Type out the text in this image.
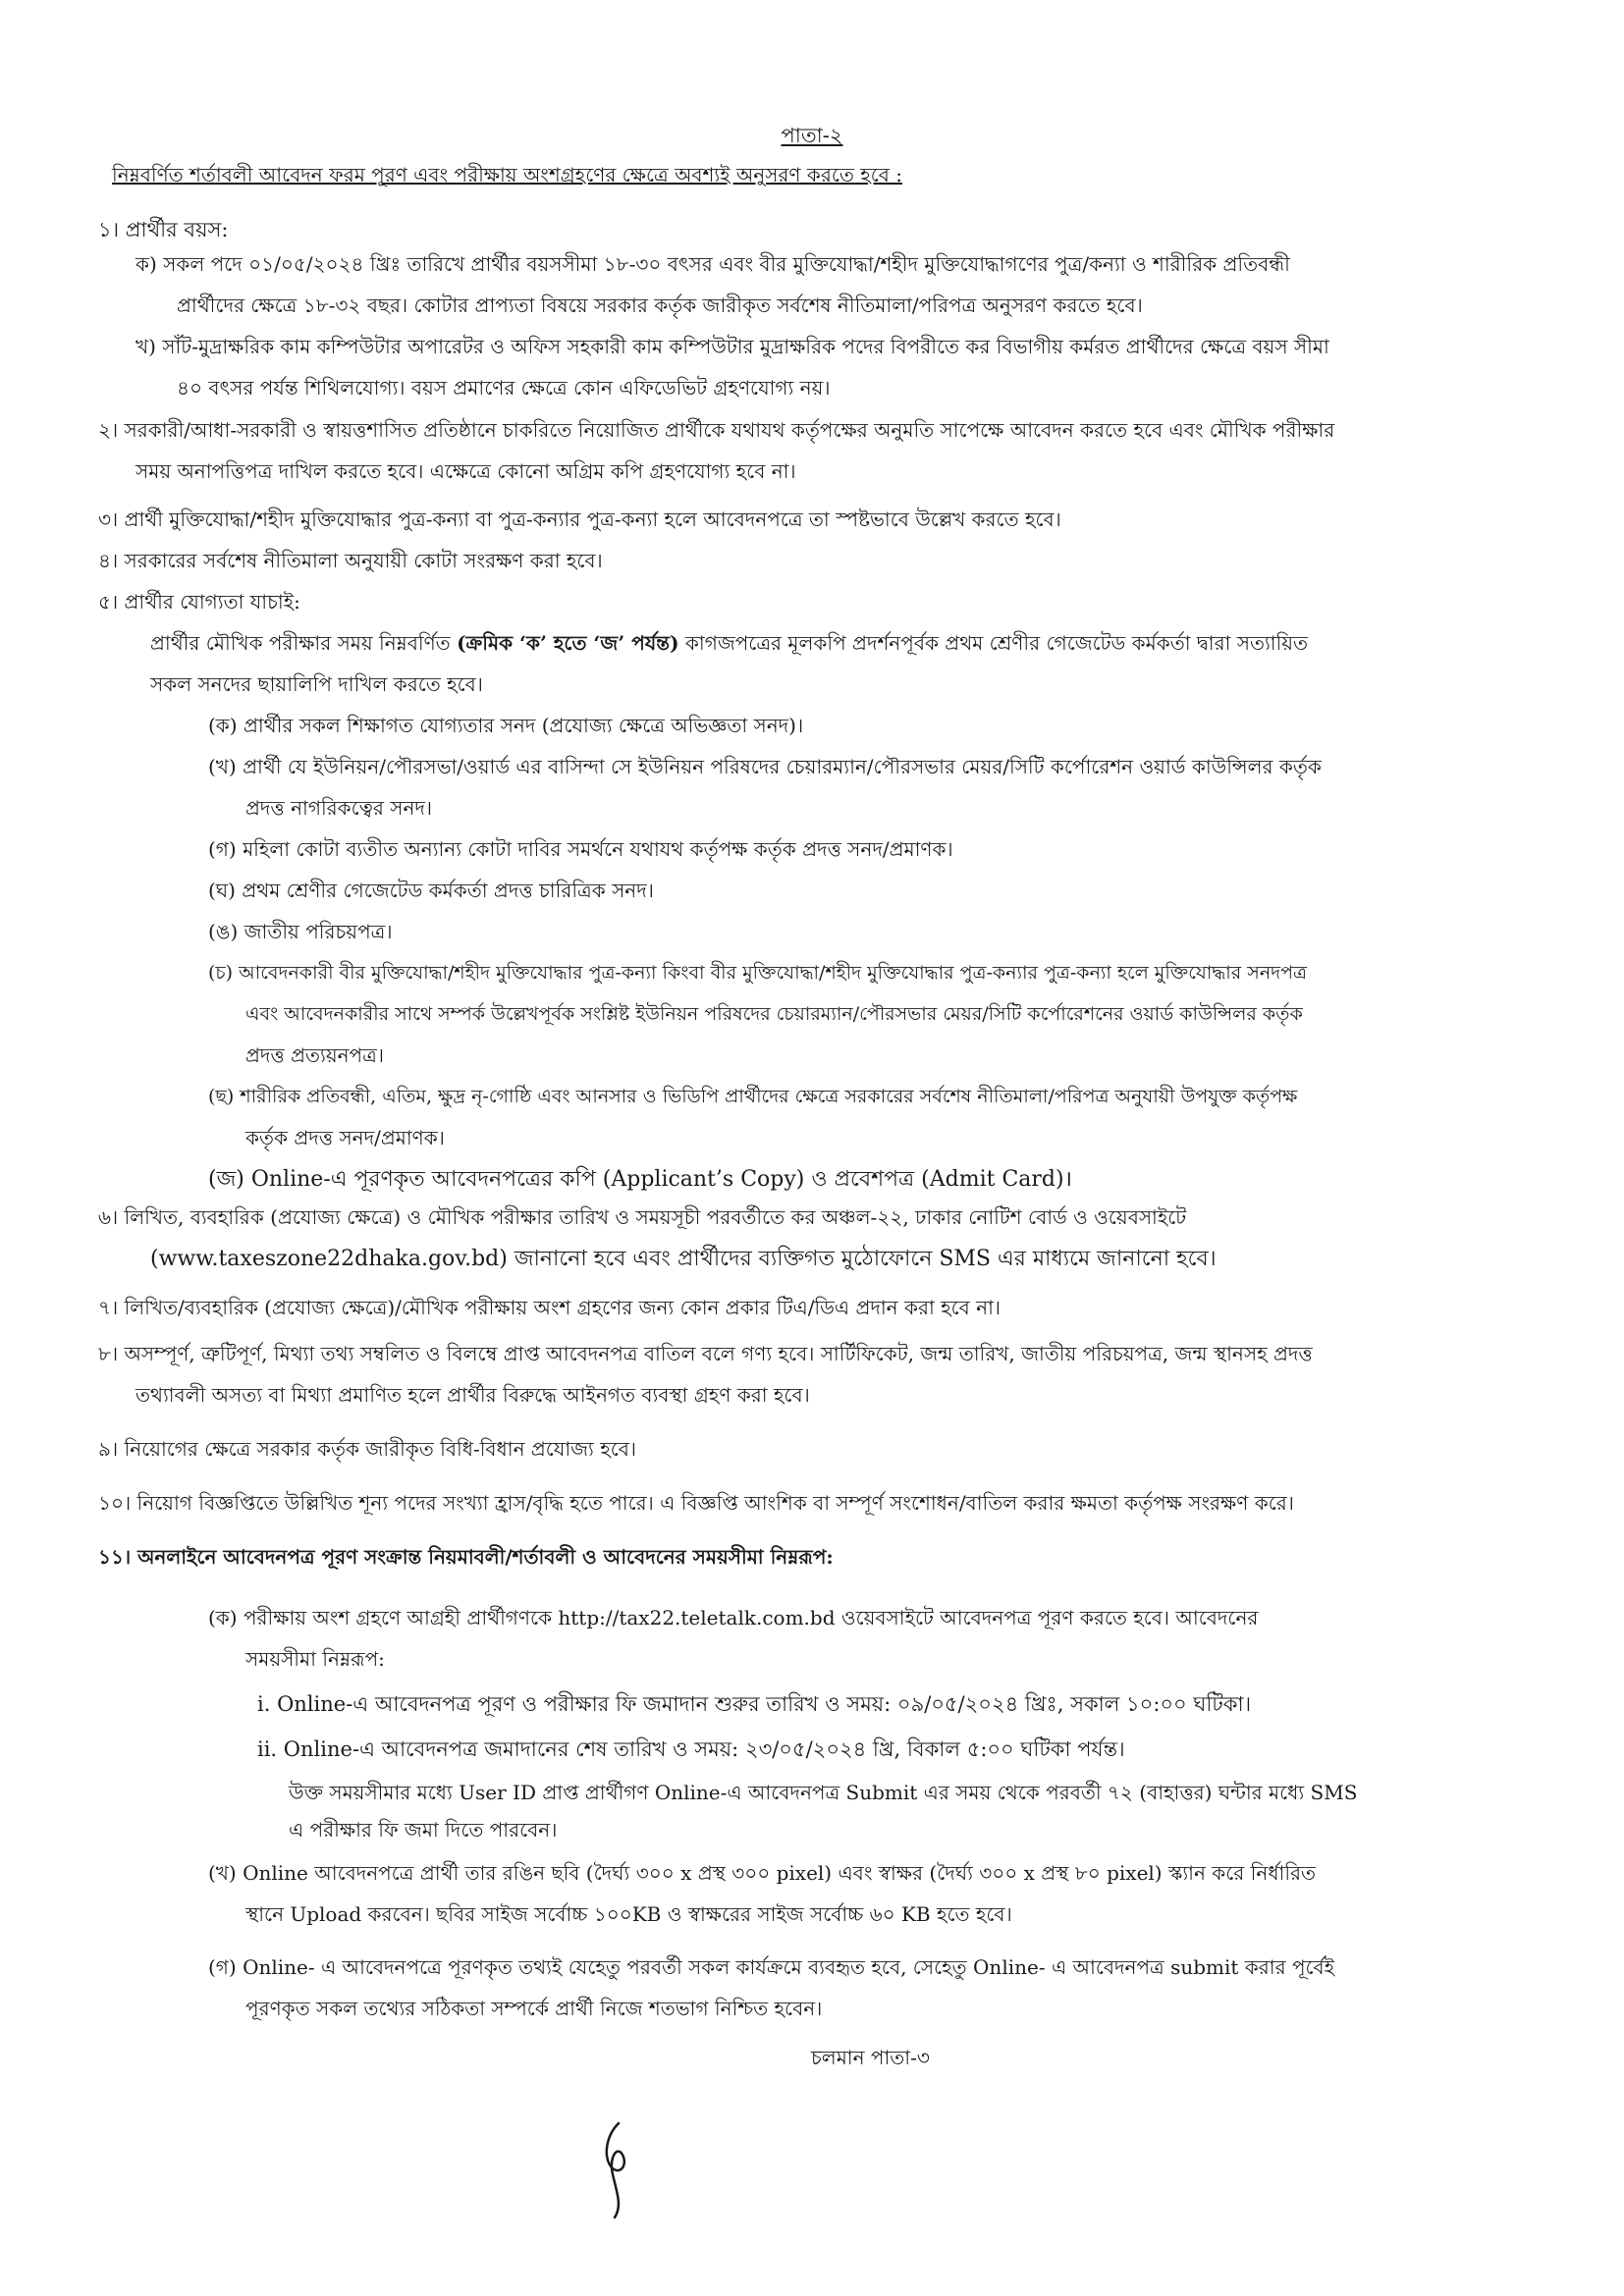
পাতা-২
নিম্নবর্ণিত শর্তাবলী আবেদন ফরম পূরণ এবং পরীক্ষায় অংশগ্রহণের ক্ষেত্রে অবশ্যই অনুসরণ করতে হবে :
১। প্রার্থীর বয়স:
ক) সকল পদে ০১/০৫/২০২৪ খ্রিঃ তারিখে প্রার্থীর বয়সসীমা ১৮-৩০ বৎসর এবং বীর মুক্তিযোদ্ধা/শহীদ মুক্তিযোদ্ধাগণের পুত্র/কন্যা ও শারীরিক প্রতিবন্ধী
প্রার্থীদের ক্ষেত্রে ১৮-৩২ বছর। কোটার প্রাপ্যতা বিষয়ে সরকার কর্তৃক জারীকৃত সর্বশেষ নীতিমালা/পরিপত্র অনুসরণ করতে হবে।
খ) সাঁট-মুদ্রাক্ষরিক কাম কম্পিউটার অপারেটর ও অফিস সহকারী কাম কম্পিউটার মুদ্রাক্ষরিক পদের বিপরীতে কর বিভাগীয় কর্মরত প্রার্থীদের ক্ষেত্রে বয়স সীমা
৪০ বৎসর পর্যন্ত শিথিলযোগ্য। বয়স প্রমাণের ক্ষেত্রে কোন এফিডেভিট গ্রহণযোগ্য নয়।
২। সরকারী/আধা-সরকারী ও স্বায়ত্তশাসিত প্রতিষ্ঠানে চাকরিতে নিয়োজিত প্রার্থীকে যথাযথ কর্তৃপক্ষের অনুমতি সাপেক্ষে আবেদন করতে হবে এবং মৌখিক পরীক্ষার
সময় অনাপত্তিপত্র দাখিল করতে হবে। এক্ষেত্রে কোনো অগ্রিম কপি গ্রহণযোগ্য হবে না।
৩। প্রার্থী মুক্তিযোদ্ধা/শহীদ মুক্তিযোদ্ধার পুত্র-কন্যা বা পুত্র-কন্যার পুত্র-কন্যা হলে আবেদনপত্রে তা স্পষ্টভাবে উল্লেখ করতে হবে।
৪। সরকারের সর্বশেষ নীতিমালা অনুযায়ী কোটা সংরক্ষণ করা হবে।
৫। প্রার্থীর যোগ্যতা যাচাই:
প্রার্থীর মৌখিক পরীক্ষার সময় নিম্নবর্ণিত (ক্রমিক ‘ক’ হতে ‘জ’ পর্যন্ত) কাগজপত্রের মূলকপি প্রদর্শনপূর্বক প্রথম শ্রেণীর গেজেটেড কর্মকর্তা দ্বারা সত্যায়িত
সকল সনদের ছায়ালিপি দাখিল করতে হবে।
(ক) প্রার্থীর সকল শিক্ষাগত যোগ্যতার সনদ (প্রযোজ্য ক্ষেত্রে অভিজ্ঞতা সনদ)।
(খ) প্রার্থী যে ইউনিয়ন/পৌরসভা/ওয়ার্ড এর বাসিন্দা সে ইউনিয়ন পরিষদের চেয়ারম্যান/পৌরসভার মেয়র/সিটি কর্পোরেশন ওয়ার্ড কাউন্সিলর কর্তৃক
প্রদত্ত নাগরিকত্বের সনদ।
(গ) মহিলা কোটা ব্যতীত অন্যান্য কোটা দাবির সমর্থনে যথাযথ কর্তৃপক্ষ কর্তৃক প্রদত্ত সনদ/প্রমাণক।
(ঘ) প্রথম শ্রেণীর গেজেটেড কর্মকর্তা প্রদত্ত চারিত্রিক সনদ।
(ঙ) জাতীয় পরিচয়পত্র।
(চ) আবেদনকারী বীর মুক্তিযোদ্ধা/শহীদ মুক্তিযোদ্ধার পুত্র-কন্যা কিংবা বীর মুক্তিযোদ্ধা/শহীদ মুক্তিযোদ্ধার পুত্র-কন্যার পুত্র-কন্যা হলে মুক্তিযোদ্ধার সনদপত্র
এবং আবেদনকারীর সাথে সম্পর্ক উল্লেখপূর্বক সংশ্লিষ্ট ইউনিয়ন পরিষদের চেয়ারম্যান/পৌরসভার মেয়র/সিটি কর্পোরেশনের ওয়ার্ড কাউন্সিলর কর্তৃক
প্রদত্ত প্রত্যয়নপত্র।
(ছ) শারীরিক প্রতিবন্ধী, এতিম, ক্ষুদ্র নৃ-গোষ্ঠি এবং আনসার ও ভিডিপি প্রার্থীদের ক্ষেত্রে সরকারের সর্বশেষ নীতিমালা/পরিপত্র অনুযায়ী উপযুক্ত কর্তৃপক্ষ
কর্তৃক প্রদত্ত সনদ/প্রমাণক।
(জ) Online-এ পূরণকৃত আবেদনপত্রের কপি (Applicant’s Copy) ও প্রবেশপত্র (Admit Card)।
৬। লিখিত, ব্যবহারিক (প্রযোজ্য ক্ষেত্রে) ও মৌখিক পরীক্ষার তারিখ ও সময়সূচী পরবর্তীতে কর অঞ্চল-২২, ঢাকার নোটিশ বোর্ড ও ওয়েবসাইটে
(www.taxeszone22dhaka.gov.bd) জানানো হবে এবং প্রার্থীদের ব্যক্তিগত মুঠোফোনে SMS এর মাধ্যমে জানানো হবে।
৭। লিখিত/ব্যবহারিক (প্রযোজ্য ক্ষেত্রে)/মৌখিক পরীক্ষায় অংশ গ্রহণের জন্য কোন প্রকার টিএ/ডিএ প্রদান করা হবে না।
৮। অসম্পূর্ণ, ত্রুটিপূর্ণ, মিথ্যা তথ্য সম্বলিত ও বিলম্বে প্রাপ্ত আবেদনপত্র বাতিল বলে গণ্য হবে। সার্টিফিকেট, জন্ম তারিখ, জাতীয় পরিচয়পত্র, জন্ম স্থানসহ প্রদত্ত
তথ্যাবলী অসত্য বা মিথ্যা প্রমাণিত হলে প্রার্থীর বিরুদ্ধে আইনগত ব্যবস্থা গ্রহণ করা হবে।
৯। নিয়োগের ক্ষেত্রে সরকার কর্তৃক জারীকৃত বিধি-বিধান প্রযোজ্য হবে।
১০। নিয়োগ বিজ্ঞপ্তিতে উল্লিখিত শূন্য পদের সংখ্যা হ্রাস/বৃদ্ধি হতে পারে। এ বিজ্ঞপ্তি আংশিক বা সম্পূর্ণ সংশোধন/বাতিল করার ক্ষমতা কর্তৃপক্ষ সংরক্ষণ করে।
১১। অনলাইনে আবেদনপত্র পূরণ সংক্রান্ত নিয়মাবলী/শর্তাবলী ও আবেদনের সময়সীমা নিম্নরূপ:
(ক) পরীক্ষায় অংশ গ্রহণে আগ্রহী প্রার্থীগণকে http://tax22.teletalk.com.bd ওয়েবসাইটে আবেদনপত্র পূরণ করতে হবে। আবেদনের
সময়সীমা নিম্নরূপ:
i. Online-এ আবেদনপত্র পূরণ ও পরীক্ষার ফি জমাদান শুরুর তারিখ ও সময়: ০৯/০৫/২০২৪ খ্রিঃ, সকাল ১০:০০ ঘটিকা।
ii. Online-এ আবেদনপত্র জমাদানের শেষ তারিখ ও সময়: ২৩/০৫/২০২৪ খ্রি, বিকাল ৫:০০ ঘটিকা পর্যন্ত।
উক্ত সময়সীমার মধ্যে User ID প্রাপ্ত প্রার্থীগণ Online-এ আবেদনপত্র Submit এর সময় থেকে পরবর্তী ৭২ (বাহাত্তর) ঘন্টার মধ্যে SMS
এ পরীক্ষার ফি জমা দিতে পারবেন।
(খ) Online আবেদনপত্রে প্রার্থী তার রঙিন ছবি (দৈর্ঘ্য ৩০০ x প্রস্থ ৩০০ pixel) এবং স্বাক্ষর (দৈর্ঘ্য ৩০০ x প্রস্থ ৮০ pixel) স্ক্যান করে নির্ধারিত
স্থানে Upload করবেন। ছবির সাইজ সর্বোচ্চ ১০০KB ও স্বাক্ষরের সাইজ সর্বোচ্চ ৬০ KB হতে হবে।
(গ) Online- এ আবেদনপত্রে পূরণকৃত তথ্যই যেহেতু পরবর্তী সকল কার্যক্রমে ব্যবহৃত হবে, সেহেতু Online- এ আবেদনপত্র submit করার পূর্বেই
পূরণকৃত সকল তথ্যের সঠিকতা সম্পর্কে প্রার্থী নিজে শতভাগ নিশ্চিত হবেন।
চলমান পাতা-৩
